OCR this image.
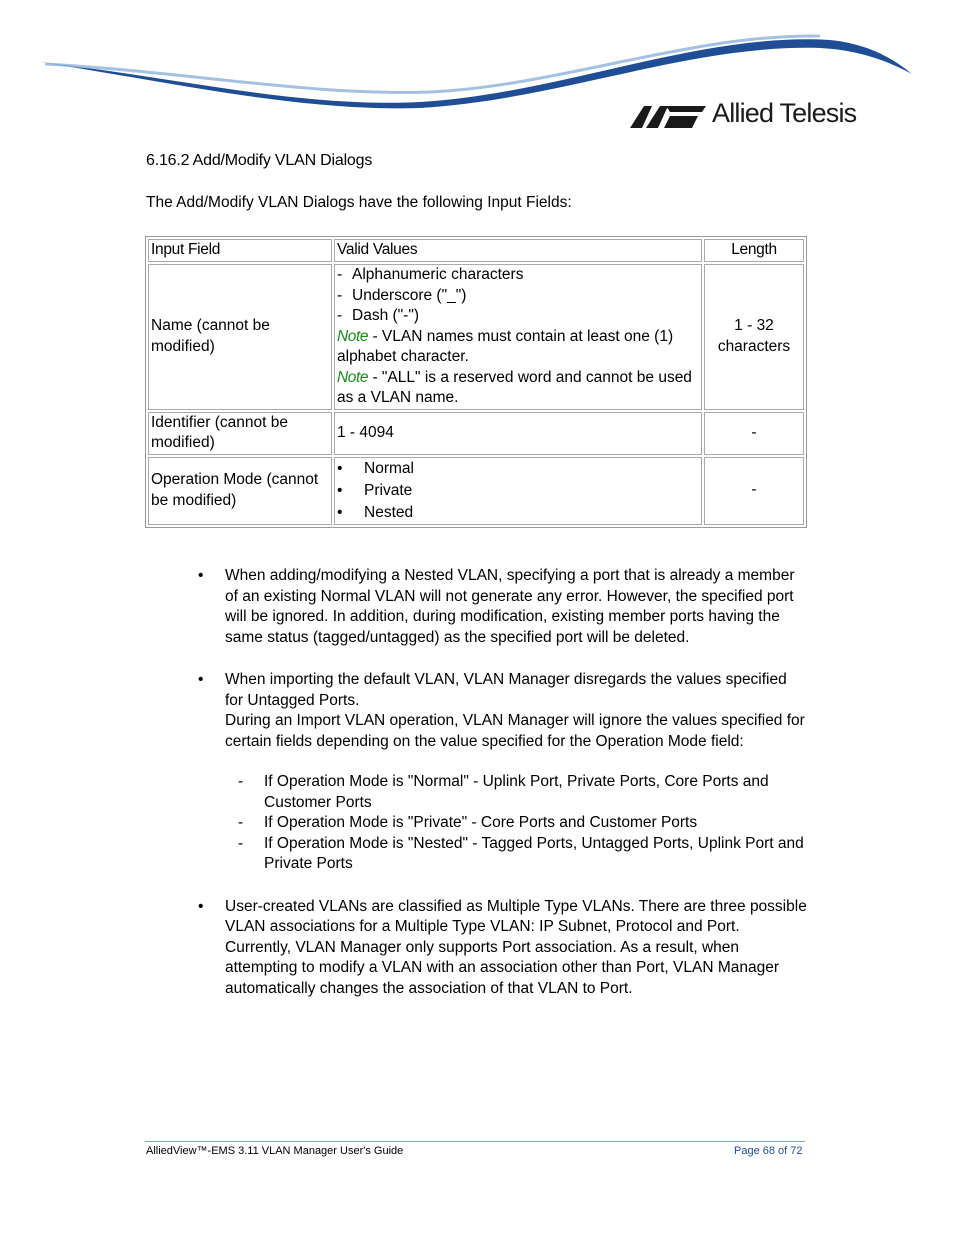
Allied Telesis
6.16.2 Add/Modify VLAN Dialogs
The Add/Modify VLAN Dialogs have the following Input Fields:
Input Field	Valid Values	Length
Name (cannot be modified)	- Alphanumeric characters
- Underscore ("_")
- Dash ("-")
Note - VLAN names must contain at least one (1) alphabet character.
Note - "ALL" is a reserved word and cannot be used as a VLAN name.	1 - 32 characters
Identifier (cannot be modified)	1 - 4094	-
Operation Mode (cannot be modified)	• Normal
• Private
• Nested	-
• When adding/modifying a Nested VLAN, specifying a port that is already a member of an existing Normal VLAN will not generate any error. However, the specified port will be ignored. In addition, during modification, existing member ports having the same status (tagged/untagged) as the specified port will be deleted.
• When importing the default VLAN, VLAN Manager disregards the values specified for Untagged Ports.
During an Import VLAN operation, VLAN Manager will ignore the values specified for certain fields depending on the value specified for the Operation Mode field:
- If Operation Mode is "Normal" - Uplink Port, Private Ports, Core Ports and Customer Ports
- If Operation Mode is "Private" - Core Ports and Customer Ports
- If Operation Mode is "Nested" - Tagged Ports, Untagged Ports, Uplink Port and Private Ports
• User-created VLANs are classified as Multiple Type VLANs. There are three possible VLAN associations for a Multiple Type VLAN: IP Subnet, Protocol and Port. Currently, VLAN Manager only supports Port association. As a result, when attempting to modify a VLAN with an association other than Port, VLAN Manager automatically changes the association of that VLAN to Port.
AlliedView™-EMS 3.11 VLAN Manager User's Guide	Page 68 of 72
